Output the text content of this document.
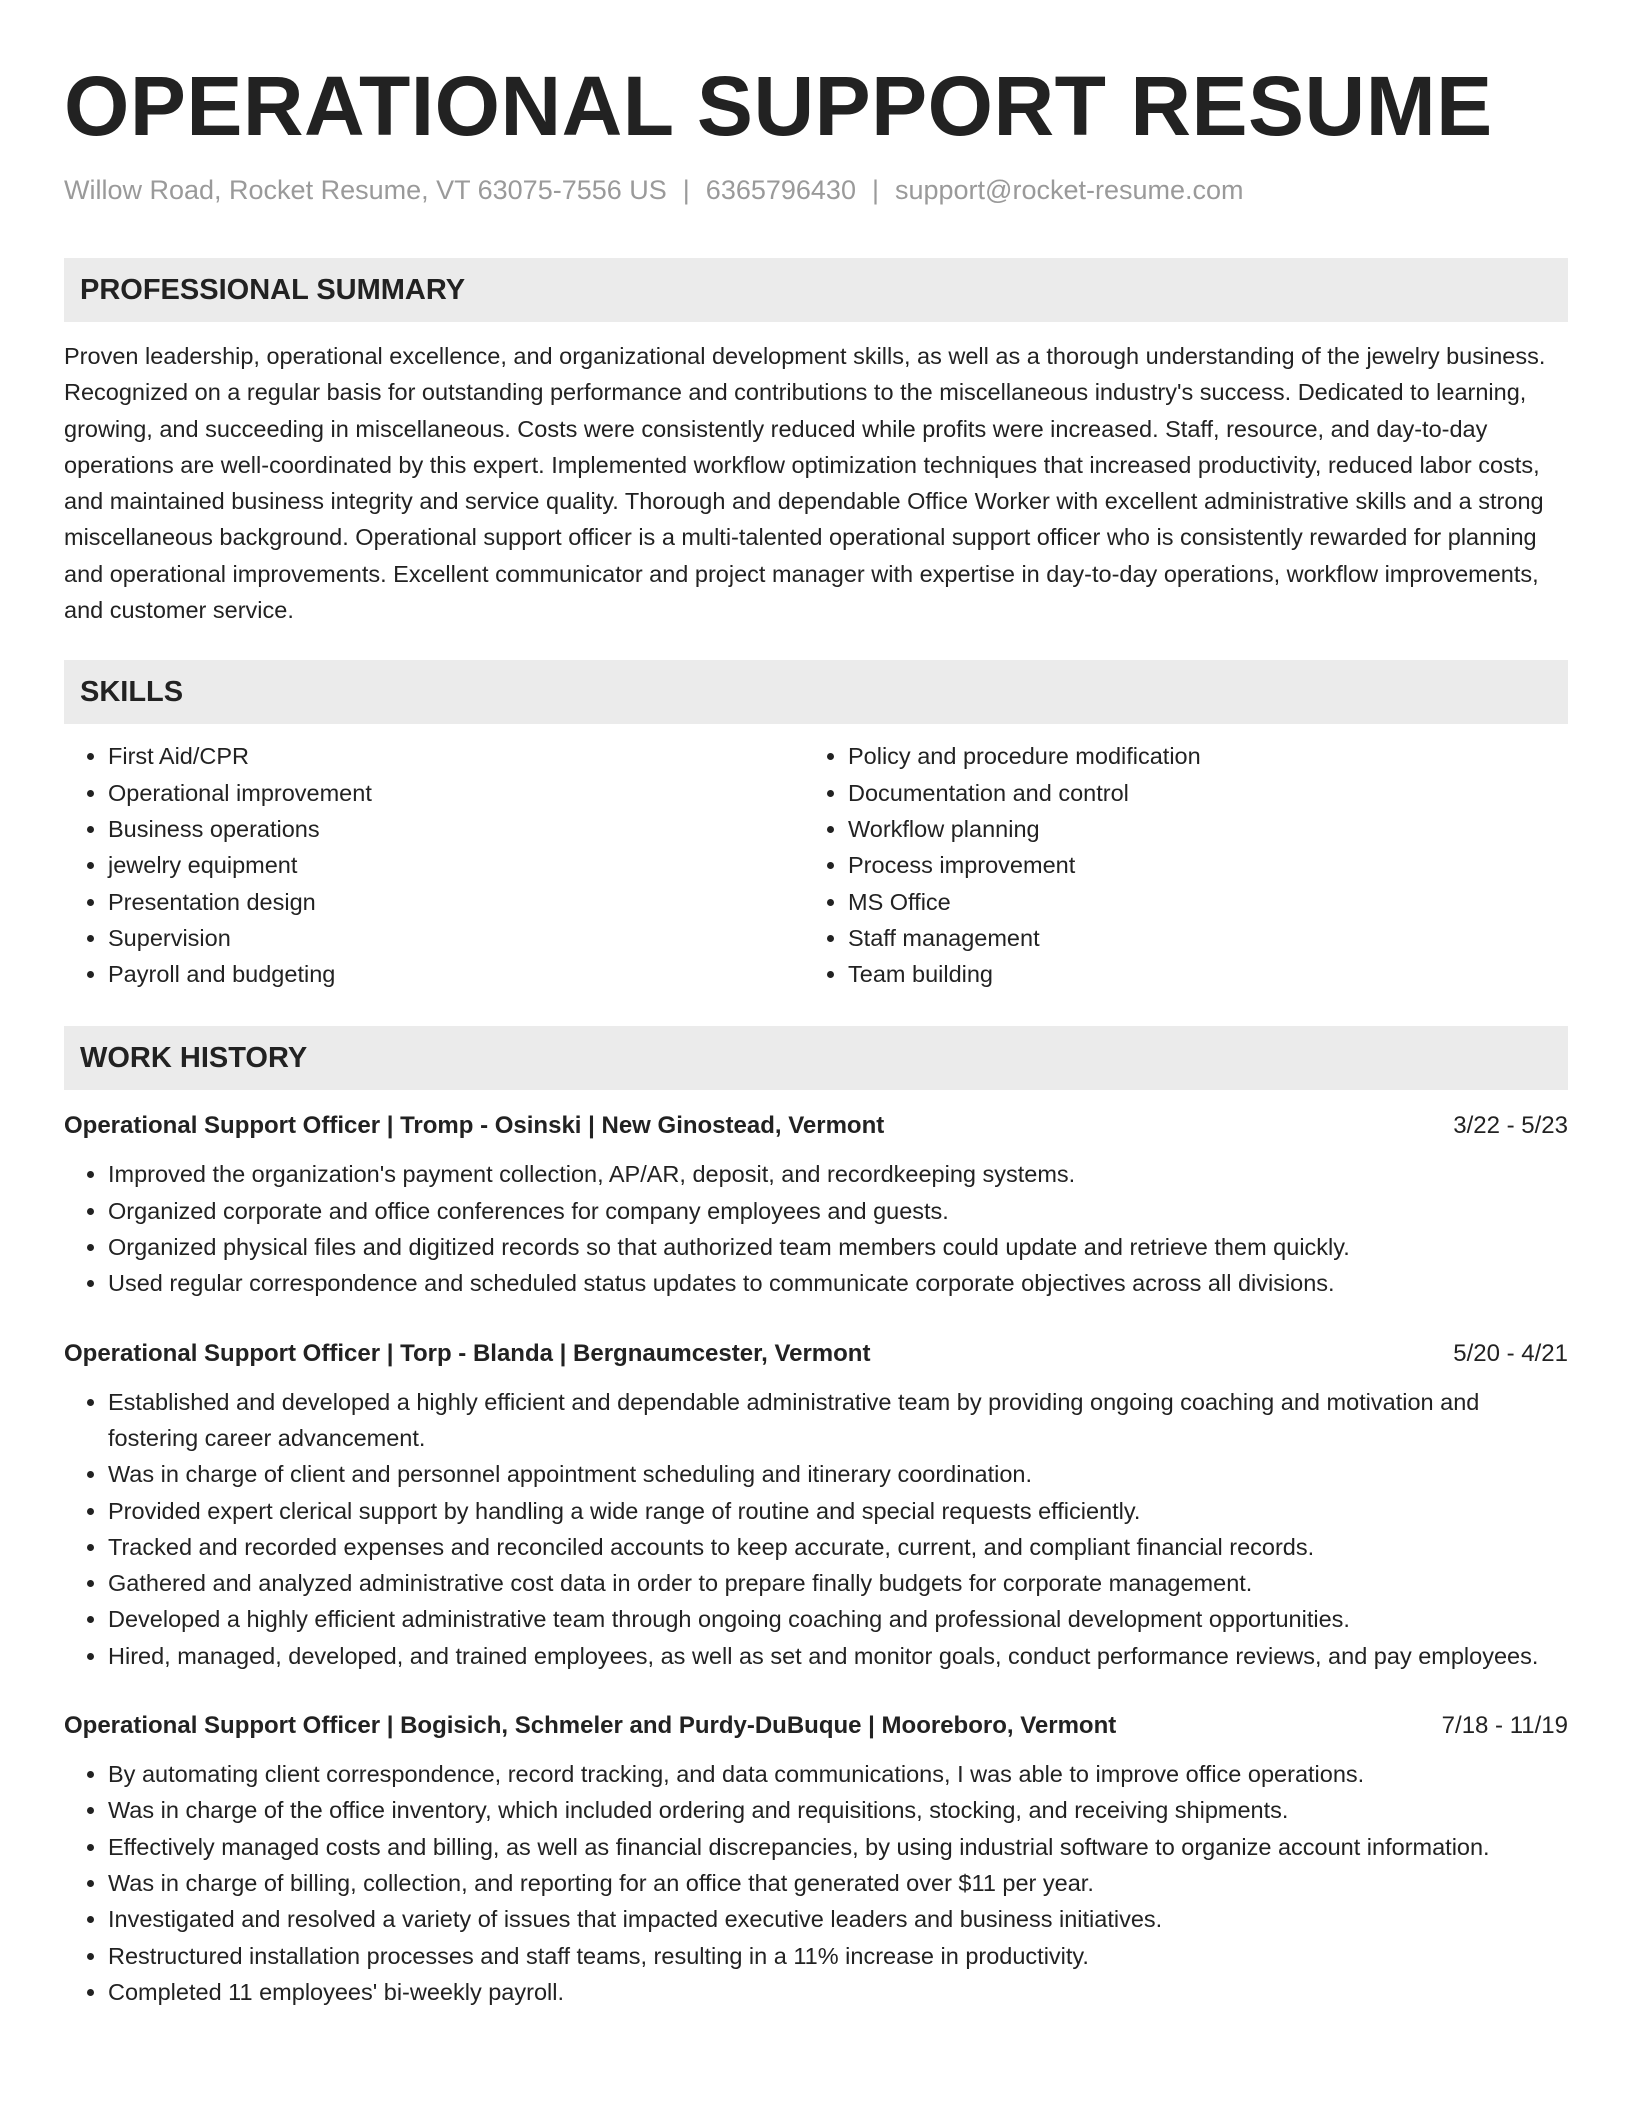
OPERATIONAL SUPPORT RESUME
Willow Road, Rocket Resume, VT 63075-7556 US | 6365796430 | support@rocket-resume.com
PROFESSIONAL SUMMARY

Proven leadership, operational excellence, and organizational development skills, as well as a thorough understanding of the jewelry business. Recognized on a regular basis for outstanding performance and contributions to the miscellaneous industry's success. Dedicated to learning, growing, and succeeding in miscellaneous. Costs were consistently reduced while profits were increased. Staff, resource, and day-to-day operations are well-coordinated by this expert. Implemented workflow optimization techniques that increased productivity, reduced labor costs, and maintained business integrity and service quality. Thorough and dependable Office Worker with excellent administrative skills and a strong miscellaneous background. Operational support officer is a multi-talented operational support officer who is consistently rewarded for planning and operational improvements. Excellent communicator and project manager with expertise in day-to-day operations, workflow improvements, and customer service.

SKILLS
• First Aid/CPR
• Operational improvement
• Business operations
• jewelry equipment
• Presentation design
• Supervision
• Payroll and budgeting
• Policy and procedure modification
• Documentation and control
• Workflow planning
• Process improvement
• MS Office
• Staff management
• Team building
WORK HISTORY
Operational Support Officer | Tromp - Osinski | New Ginostead, Vermont	3/22 - 5/23
• Improved the organization's payment collection, AP/AR, deposit, and recordkeeping systems.
• Organized corporate and office conferences for company employees and guests.
• Organized physical files and digitized records so that authorized team members could update and retrieve them quickly.
• Used regular correspondence and scheduled status updates to communicate corporate objectives across all divisions.
Operational Support Officer | Torp - Blanda | Bergnaumcester, Vermont	5/20 - 4/21
• Established and developed a highly efficient and dependable administrative team by providing ongoing coaching and motivation and fostering career advancement.
• Was in charge of client and personnel appointment scheduling and itinerary coordination.
• Provided expert clerical support by handling a wide range of routine and special requests efficiently.
• Tracked and recorded expenses and reconciled accounts to keep accurate, current, and compliant financial records.
• Gathered and analyzed administrative cost data in order to prepare finally budgets for corporate management.
• Developed a highly efficient administrative team through ongoing coaching and professional development opportunities.
• Hired, managed, developed, and trained employees, as well as set and monitor goals, conduct performance reviews, and pay employees.
Operational Support Officer | Bogisich, Schmeler and Purdy-DuBuque | Mooreboro, Vermont	7/18 - 11/19
• By automating client correspondence, record tracking, and data communications, I was able to improve office operations.
• Was in charge of the office inventory, which included ordering and requisitions, stocking, and receiving shipments.
• Effectively managed costs and billing, as well as financial discrepancies, by using industrial software to organize account information.
• Was in charge of billing, collection, and reporting for an office that generated over $11 per year.
• Investigated and resolved a variety of issues that impacted executive leaders and business initiatives.
• Restructured installation processes and staff teams, resulting in a 11% increase in productivity.
• Completed 11 employees' bi-weekly payroll.
